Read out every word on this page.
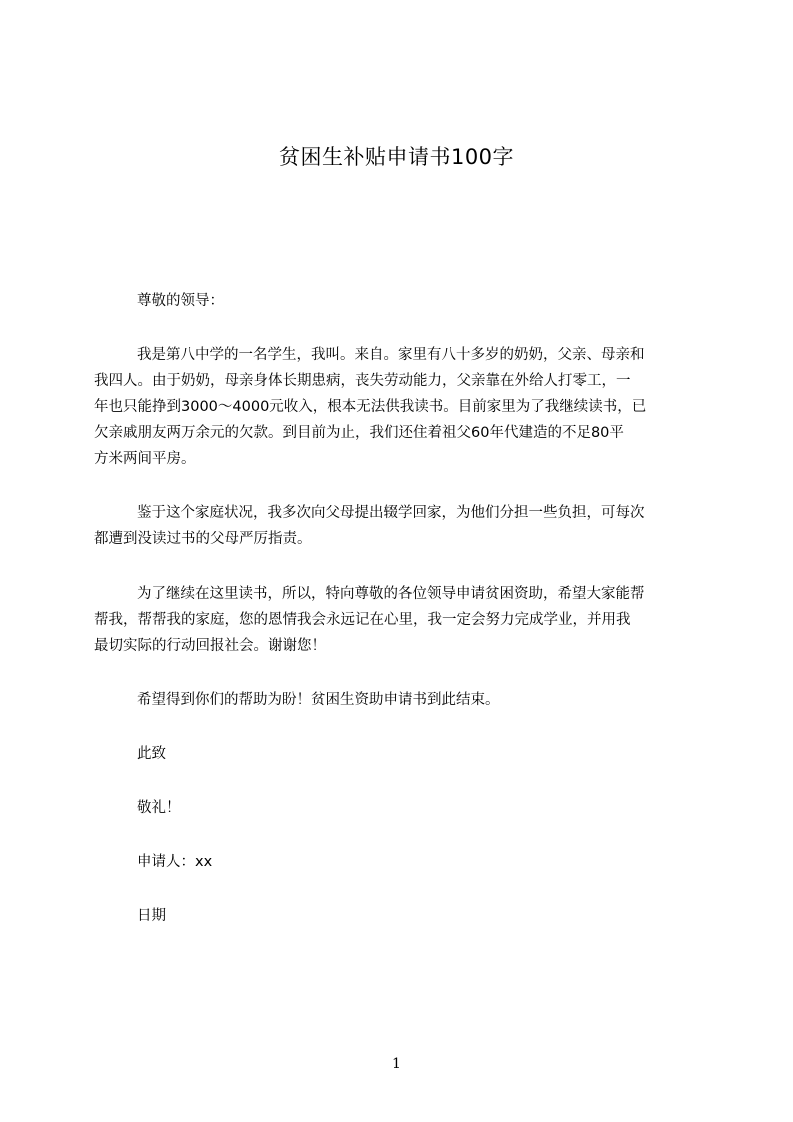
贫困生补贴申请书100字
尊敬的领导：
我是第八中学的一名学生，我叫。来自。家里有八十多岁的奶奶，父亲、母亲和
我四人。由于奶奶，母亲身体长期患病，丧失劳动能力，父亲靠在外给人打零工，一
年也只能挣到3000～4000元收入，根本无法供我读书。目前家里为了我继续读书，已
欠亲戚朋友两万余元的欠款。到目前为止，我们还住着祖父60年代建造的不足80平
方米两间平房。
鉴于这个家庭状况，我多次向父母提出辍学回家，为他们分担一些负担，可每次
都遭到没读过书的父母严厉指责。
为了继续在这里读书，所以，特向尊敬的各位领导申请贫困资助，希望大家能帮
帮我，帮帮我的家庭，您的恩情我会永远记在心里，我一定会努力完成学业，并用我
最切实际的行动回报社会。谢谢您！
希望得到你们的帮助为盼！贫困生资助申请书到此结束。
此致
敬礼！
申请人：xx
日期
1
